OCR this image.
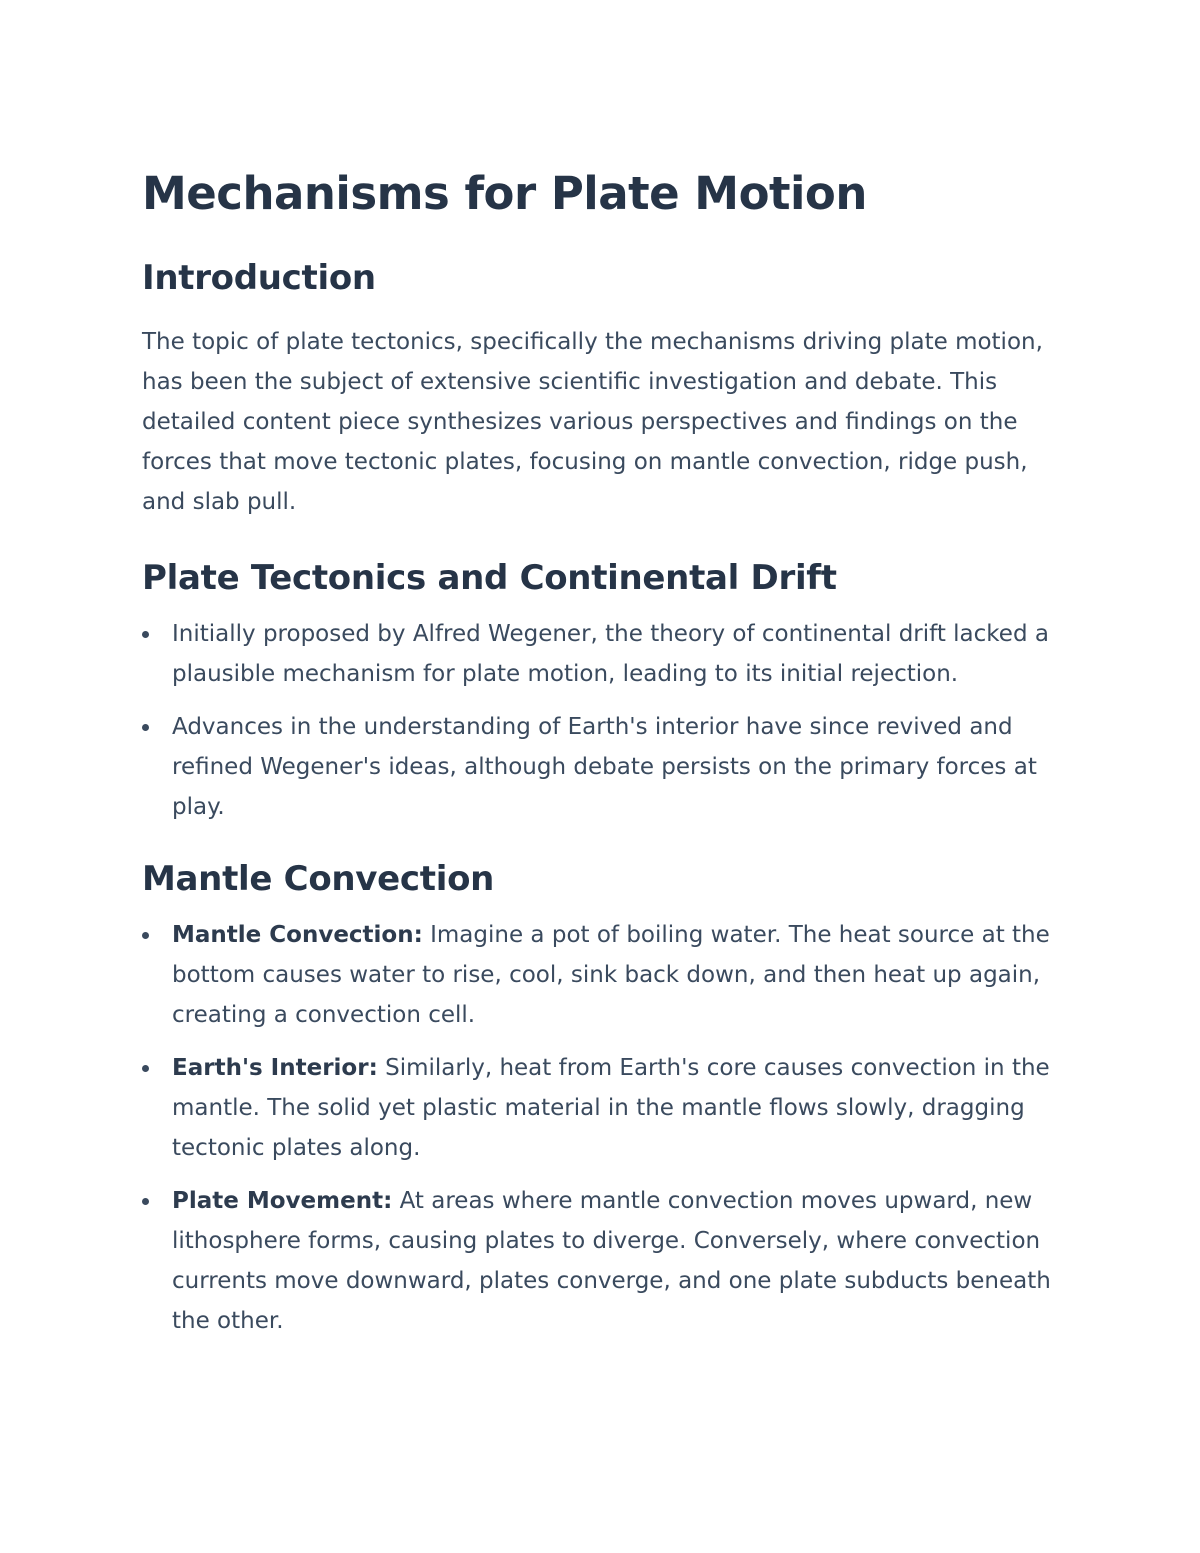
Mechanisms for Plate Motion
Introduction

The topic of plate tectonics, specifically the mechanisms driving plate motion, has been the subject of extensive scientific investigation and debate. This detailed content piece synthesizes various perspectives and findings on the forces that move tectonic plates, focusing on mantle convection, ridge push, and slab pull.

Plate Tectonics and Continental Drift
Initially proposed by Alfred Wegener, the theory of continental drift lacked a plausible mechanism for plate motion, leading to its initial rejection.
Advances in the understanding of Earth's interior have since revived and refined Wegener's ideas, although debate persists on the primary forces at play.
Mantle Convection
Mantle Convection: Imagine a pot of boiling water. The heat source at the bottom causes water to rise, cool, sink back down, and then heat up again, creating a convection cell.
Earth's Interior: Similarly, heat from Earth's core causes convection in the mantle. The solid yet plastic material in the mantle flows slowly, dragging tectonic plates along.
Plate Movement: At areas where mantle convection moves upward, new lithosphere forms, causing plates to diverge. Conversely, where convection currents move downward, plates converge, and one plate subducts beneath the other.
